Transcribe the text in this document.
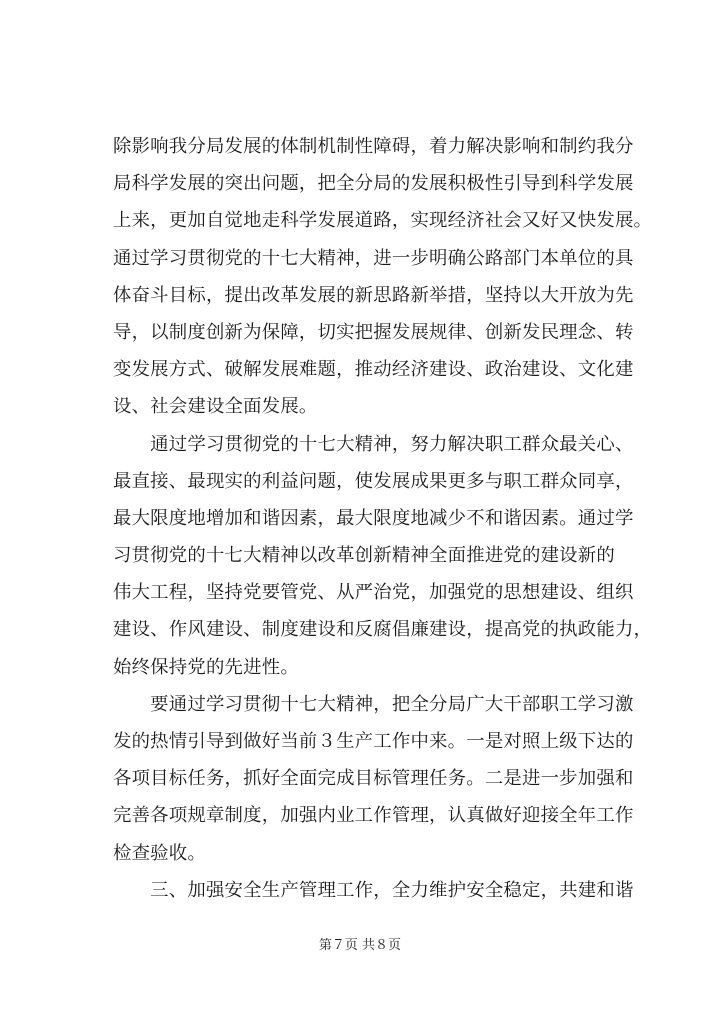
除影响我分局发展的体制机制性障碍，着力解决影响和制约我分
局科学发展的突出问题，把全分局的发展积极性引导到科学发展
上来，更加自觉地走科学发展道路，实现经济社会又好又快发展。
通过学习贯彻党的十七大精神，进一步明确公路部门本单位的具
体奋斗目标，提出改革发展的新思路新举措，坚持以大开放为先
导，以制度创新为保障，切实把握发展规律、创新发民理念、转
变发展方式、破解发展难题，推动经济建设、政治建设、文化建
设、社会建设全面发展。
　　通过学习贯彻党的十七大精神，努力解决职工群众最关心、
最直接、最现实的利益问题，使发展成果更多与职工群众同享，
最大限度地增加和谐因素，最大限度地减少不和谐因素。通过学
习贯彻党的十七大精神以改革创新精神全面推进党的建设新的
伟大工程，坚持党要管党、从严治党，加强党的思想建设、组织
建设、作风建设、制度建设和反腐倡廉建设，提高党的执政能力，
始终保持党的先进性。
　　要通过学习贯彻十七大精神，把全分局广大干部职工学习激
发的热情引导到做好当前３生产工作中来。一是对照上级下达的
各项目标任务，抓好全面完成目标管理任务。二是进一步加强和
完善各项规章制度，加强内业工作管理，认真做好迎接全年工作
检查验收。
　　三、加强安全生产管理工作，全力维护安全稳定，共建和谐
第７页 共８页
